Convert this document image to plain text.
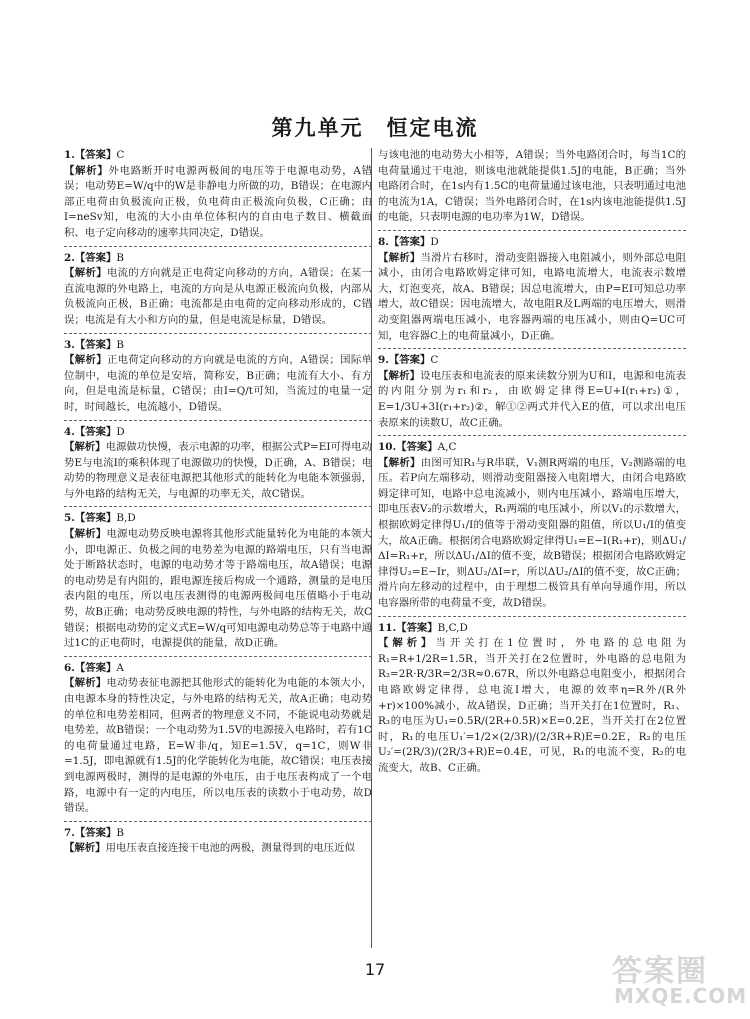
第九单元　恒定电流
1.【答案】C

【解析】外电路断开时电源两极间的电压等于电源电动势，A错误；电动势E=W/q中的W是非静电力所做的功，B错误；在电源内部正电荷由负极流向正极，负电荷由正极流向负极，C正确；由I=neSv知，电流的大小由单位体积内的自由电子数目、横截面积、电子定向移动的速率共同决定，D错误。

2.【答案】B

【解析】电流的方向就是正电荷定向移动的方向，A错误；在某一直流电源的外电路上，电流的方向是从电源正极流向负极，内部从负极流向正极，B正确；电流都是由电荷的定向移动形成的，C错误；电流是有大小和方向的量，但是电流是标量，D错误。

3.【答案】B

【解析】正电荷定向移动的方向就是电流的方向，A错误；国际单位制中，电流的单位是安培，简称安，B正确；电流有大小、有方向，但是电流是标量，C错误；由I=Q/t可知，当流过的电量一定时，时间越长，电流越小，D错误。

4.【答案】D

【解析】电源做功快慢，表示电源的功率，根据公式P=EI可得电动势E与电流I的乘积体现了电源做功的快慢，D正确，A、B错误；电动势的物理意义是表征电源把其他形式的能转化为电能本领强弱，与外电路的结构无关，与电源的功率无关，故C错误。

5.【答案】B,D

【解析】电源电动势反映电源将其他形式能量转化为电能的本领大小，即电源正、负极之间的电势差为电源的路端电压，只有当电源处于断路状态时，电源的电动势才等于路端电压，故A错误；电源的电动势是有内阻的，跟电源连接后构成一个通路，测量的是电压表内阻的电压，所以电压表测得的电源两极间电压值略小于电动势，故B正确；电动势反映电源的特性，与外电路的结构无关，故C错误；根据电动势的定义式E=W/q可知电源电动势总等于电路中通过1C的正电荷时，电源提供的能量，故D正确。

6.【答案】A

【解析】电动势表征电源把其他形式的能转化为电能的本领大小，由电源本身的特性决定，与外电路的结构无关，故A正确；电动势的单位和电势差相同，但两者的物理意义不同，不能说电动势就是电势差，故B错误；一个电动势为1.5V的电源接入电路时，若有1C的电荷量通过电路，E=W非/q，知E=1.5V，q=1C，则W非=1.5J，即电源就有1.5J的化学能转化为电能，故C错误；电压表接到电源两极时，测得的是电源的外电压，由于电压表构成了一个电路，电源中有一定的内电压，所以电压表的读数小于电动势，故D错误。

7.【答案】B

【解析】用电压表直接连接干电池的两极，测量得到的电压近似

与该电池的电动势大小相等，A错误；当外电路闭合时，每当1C的电荷量通过干电池，则该电池就能提供1.5J的电能，B正确；当外电路闭合时，在1s内有1.5C的电荷量通过该电池，只表明通过电池的电流为1A，C错误；当外电路闭合时，在1s内该电池能提供1.5J的电能，只表明电源的电功率为1W，D错误。

8.【答案】D

【解析】当滑片右移时，滑动变阻器接入电阻减小，则外部总电阻减小，由闭合电路欧姆定律可知，电路电流增大，电流表示数增大，灯泡变亮，故A、B错误；因总电流增大，由P=EI可知总功率增大，故C错误；因电流增大，故电阻R及L两端的电压增大，则滑动变阻器两端电压减小，电容器两端的电压减小，则由Q=UC可知，电容器C上的电荷量减小，D正确。

9.【答案】C

【解析】设电压表和电流表的原来读数分别为U和I，电源和电流表的内阻分别为r₁和r₂，由欧姆定律得E=U+I(r₁+r₂)①，E=1/3U+3I(r₁+r₂)②，解①②两式并代入E的值，可以求出电压表原来的读数U，故C正确。

10.【答案】A,C

【解析】由图可知R₁与R串联，V₁测R两端的电压，V₂测路端的电压。若P向左端移动，则滑动变阻器接入电阻增大，由闭合电路欧姆定律可知，电路中总电流减小，则内电压减小，路端电压增大，即电压表V₂的示数增大，R₁两端的电压减小，所以V₁的示数增大，根据欧姆定律得U₁/I的值等于滑动变阻器的阻值，所以U₁/I的值变大，故A正确。根据闭合电路欧姆定律得U₁=E−I(R₁+r)，则ΔU₁/ΔI=R₁+r，所以ΔU₁/ΔI的值不变，故B错误；根据闭合电路欧姆定律得U₂=E−Ir，则ΔU₂/ΔI=r，所以ΔU₂/ΔI的值不变，故C正确；滑片向左移动的过程中，由于理想二极管具有单向导通作用，所以电容器所带的电荷量不变，故D错误。

11.【答案】B,C,D

【解析】当开关打在1位置时，外电路的总电阻为R₁=R+1/2R=1.5R，当开关打在2位置时，外电路的总电阻为R₂=2R·R/3R=2/3R≈0.67R，所以外电路总电阻变小，根据闭合电路欧姆定律得，总电流I增大，电源的效率η=R外/(R外+r)×100%减小，故A错误，D正确；当开关打在1位置时，R₁、R₃的电压为U₁=0.5R/(2R+0.5R)×E=0.2E，当开关打在2位置时，R₁的电压U₁′=1/2×(2/3R)/(2/3R+R)E=0.2E，R₂的电压U₂′=(2R/3)/(2R/3+R)E=0.4E，可见，R₁的电流不变，R₂的电流变大，故B、C正确。

17	答案圈
MXQE.COM
